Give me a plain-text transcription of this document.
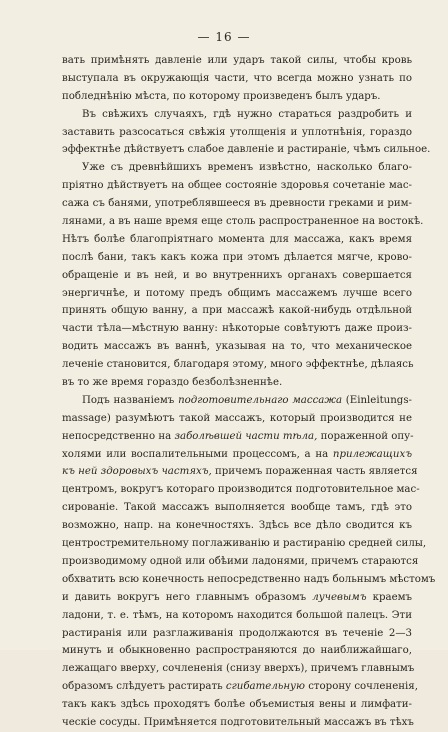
— 16 —
вать примѣнять давленіе или ударъ такой силы, чтобы кровь
выступала въ окружающія части, что всегда можно узнать по
побледнѣнію мѣста, по которому произведенъ былъ ударъ.
Въ свѣжихъ случаяхъ, гдѣ нужно стараться раздробить и
заставить разсосаться свѣжія утолщенія и уплотнѣнія, гораздо
эффектнѣе дѣйствуетъ слабое давленіе и растираніе, чѣмъ сильное.
Уже съ древнѣйшихъ временъ извѣстно, насколько благо-
пріятно дѣйствуетъ на общее состояніе здоровья сочетаніе мас-
сажа съ банями, употреблявшееся въ древности греками и рим-
лянами, а въ наше время еще столь распространенное на востокѣ.
Нѣтъ болѣе благопріятнаго момента для массажа, какъ время
послѣ бани, такъ какъ кожа при этомъ дѣлается мягче, крово-
обращеніе и въ ней, и во внутреннихъ органахъ совершается
энергичнѣе, и потому предъ общимъ массажемъ лучше всего
принять общую ванну, а при массажѣ какой-нибудь отдѣльной
части тѣла—мѣстную ванну: нѣкоторые совѣтуютъ даже произ-
водить массажъ въ ваннѣ, указывая на то, что механическое
леченіе становится, благодаря этому, много эффектнѣе, дѣлаясь
въ то же время гораздо безболѣзненнѣе.
Подъ названіемъ подготовительнаго массажа (Einleitungs-
massage) разумѣютъ такой массажъ, который производится не
непосредственно на заболѣвшей части тѣла, пораженной опу-
холями или воспалительными процессомъ, а на прилежащихъ
къ ней здоровыхъ частяхъ, причемъ пораженная часть является
центромъ, вокругъ котораго производится подготовительное мас-
сированіе. Такой массажъ выполняется вообще тамъ, гдѣ это
возможно, напр. на конечностяхъ. Здѣсь все дѣло сводится къ
центростремительному поглаживанію и растиранію средней силы,
производимому одной или обѣими ладонями, причемъ стараются
обхватить всю конечность непосредственно надъ больнымъ мѣстомъ
и давить вокругъ него главнымъ образомъ лучевымъ краемъ
ладони, т. е. тѣмъ, на которомъ находится большой палецъ. Эти
растиранія или разглаживанія продолжаются въ теченіе 2—3
минутъ и обыкновенно распространяются до наиближайшаго,
лежащаго вверху, сочлененія (снизу вверхъ), причемъ главнымъ
образомъ слѣдуетъ растирать сгибательную сторону сочлененія,
такъ какъ здѣсь проходятъ болѣе объемистыя вены и лимфати-
ческіе сосуды. Примѣняется подготовительный массажъ въ тѣхъ
